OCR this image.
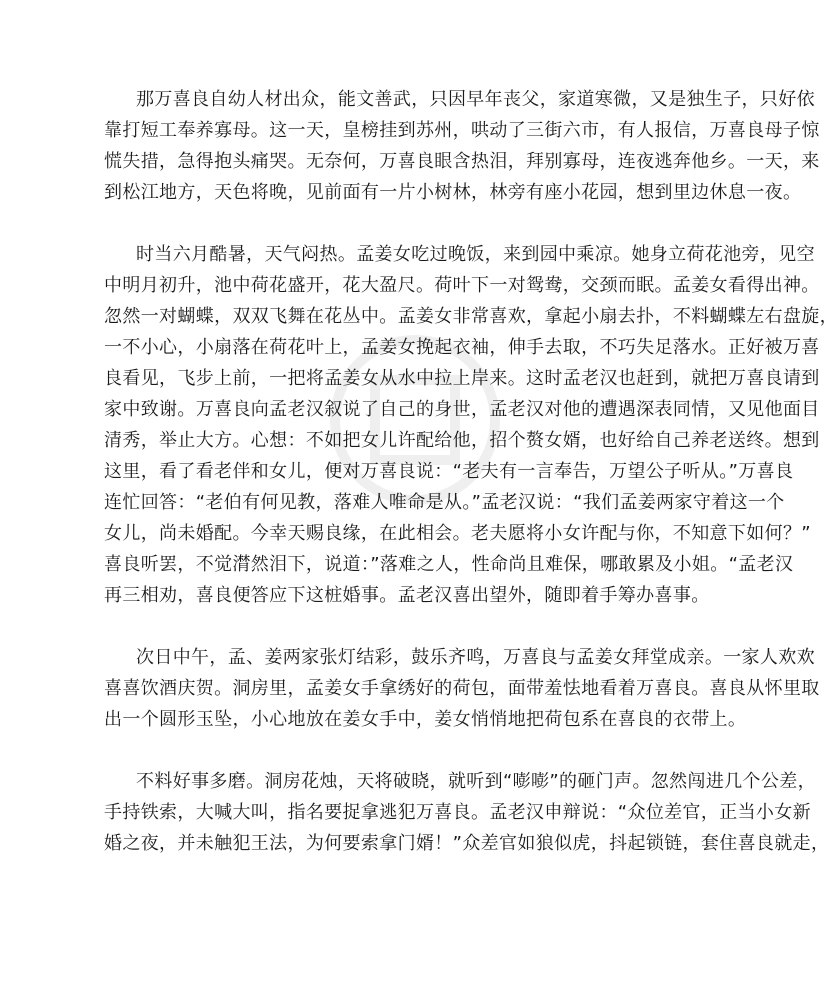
那万喜良自幼人材出众，能文善武，只因早年丧父，家道寒微，又是独生子，只好依
靠打短工奉养寡母。这一天，皇榜挂到苏州，哄动了三街六市，有人报信，万喜良母子惊
慌失措，急得抱头痛哭。无奈何，万喜良眼含热泪，拜别寡母，连夜逃奔他乡。一天，来
到松江地方，天色将晚，见前面有一片小树林，林旁有座小花园，想到里边休息一夜。
时当六月酷暑，天气闷热。孟姜女吃过晚饭，来到园中乘凉。她身立荷花池旁，见空
中明月初升，池中荷花盛开，花大盈尺。荷叶下一对鸳鸯，交颈而眠。孟姜女看得出神。
忽然一对蝴蝶，双双飞舞在花丛中。孟姜女非常喜欢，拿起小扇去扑，不料蝴蝶左右盘旋，
一不小心，小扇落在荷花叶上，孟姜女挽起衣袖，伸手去取，不巧失足落水。正好被万喜
良看见，飞步上前，一把将孟姜女从水中拉上岸来。这时孟老汉也赶到，就把万喜良请到
家中致谢。万喜良向孟老汉叙说了自己的身世，孟老汉对他的遭遇深表同情，又见他面目
清秀，举止大方。心想：不如把女儿许配给他，招个赘女婿，也好给自己养老送终。想到
这里，看了看老伴和女儿，便对万喜良说：“老夫有一言奉告，万望公子听从。”万喜良
连忙回答：“老伯有何见教，落难人唯命是从。”孟老汉说：“我们孟姜两家守着这一个
女儿，尚未婚配。今幸天赐良缘，在此相会。老夫愿将小女许配与你，不知意下如何？”
喜良听罢，不觉潸然泪下，说道：”落难之人，性命尚且难保，哪敢累及小姐。“孟老汉
再三相劝，喜良便答应下这桩婚事。孟老汉喜出望外，随即着手筹办喜事。
次日中午，孟、姜两家张灯结彩，鼓乐齐鸣，万喜良与孟姜女拜堂成亲。一家人欢欢
喜喜饮酒庆贺。洞房里，孟姜女手拿绣好的荷包，面带羞怯地看着万喜良。喜良从怀里取
出一个圆形玉坠，小心地放在姜女手中，姜女悄悄地把荷包系在喜良的衣带上。
不料好事多磨。洞房花烛，天将破晓，就听到“嘭嘭”的砸门声。忽然闯进几个公差，
手持铁索，大喊大叫，指名要捉拿逃犯万喜良。孟老汉申辩说：“众位差官，正当小女新
婚之夜，并未触犯王法，为何要索拿门婿！”众差官如狼似虎，抖起锁链，套住喜良就走，
